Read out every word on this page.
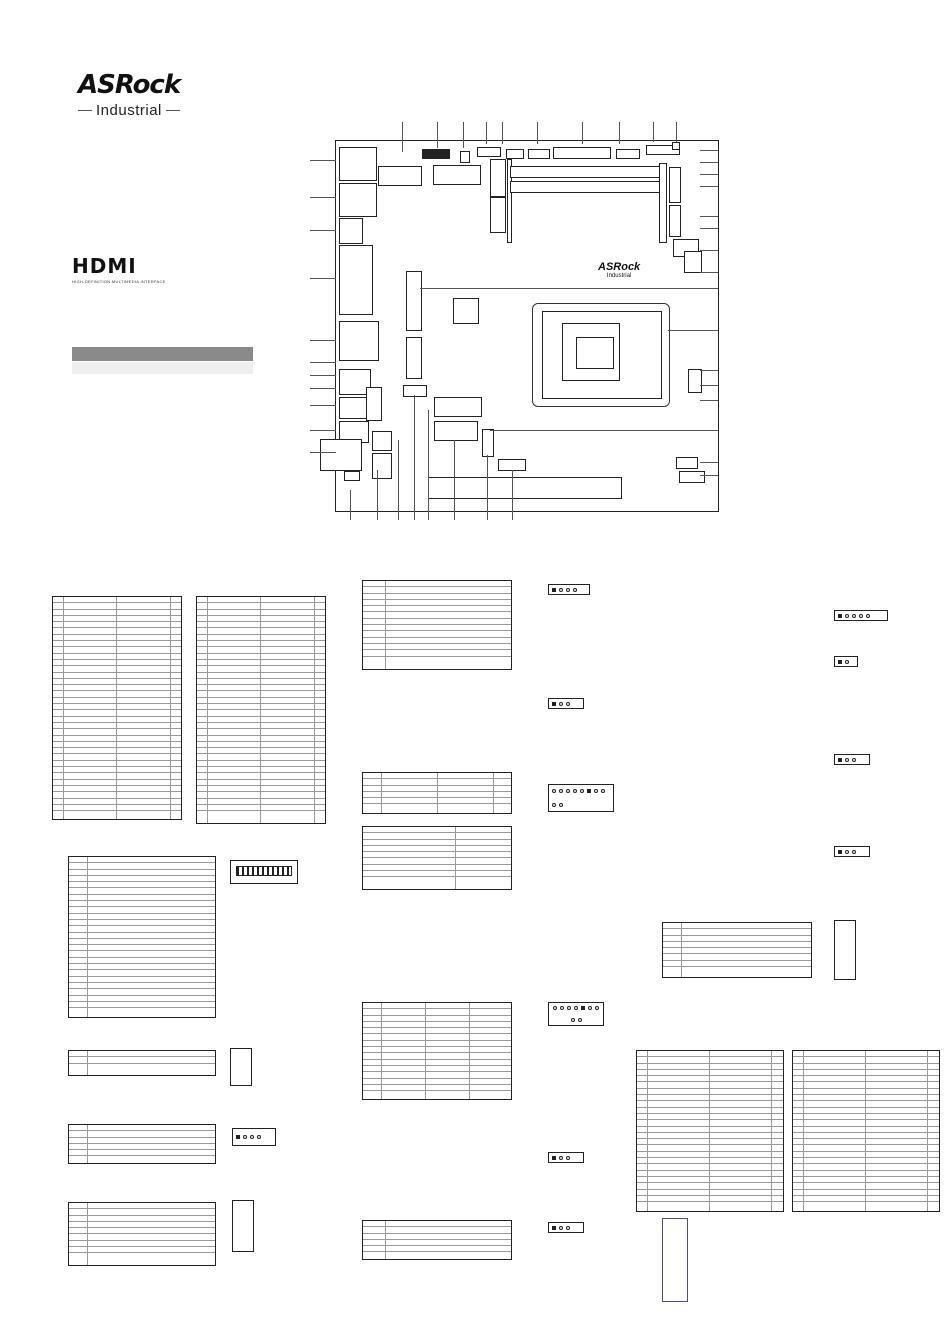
ASRock
Industrial
HDMI
HIGH-DEFINITION MULTIMEDIA INTERFACE
ASRock
Industrial
